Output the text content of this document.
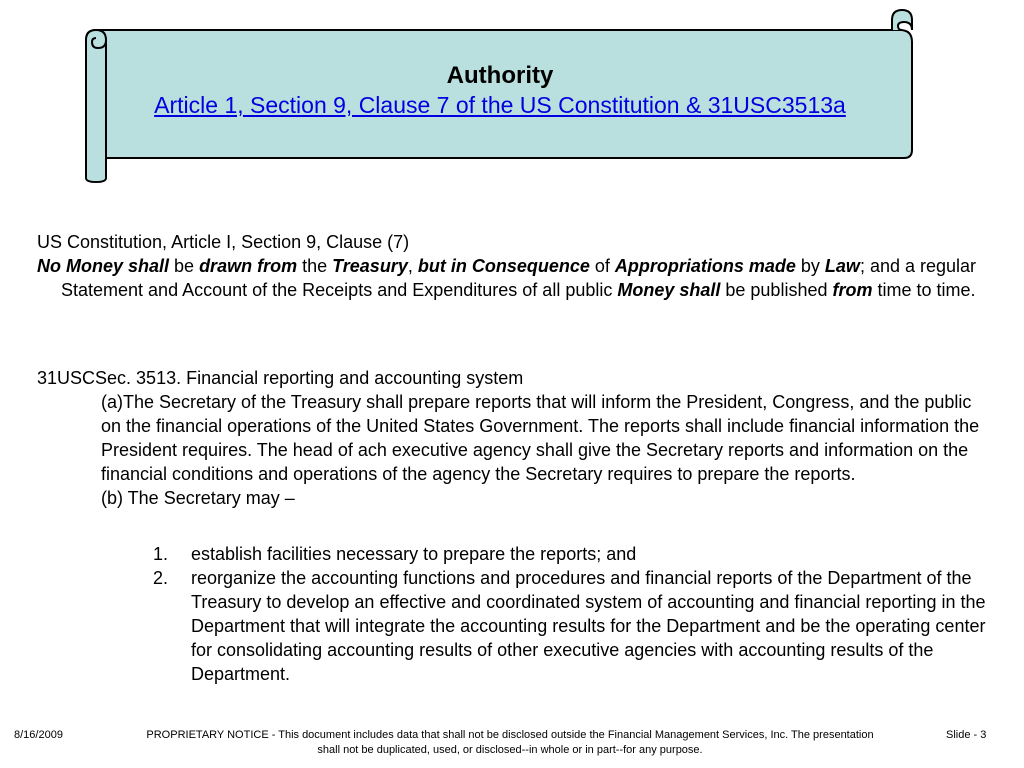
Authority
Article 1, Section 9, Clause 7 of the US Constitution & 31USC3513a
US Constitution, Article I, Section 9, Clause (7)
No Money shall be drawn from the Treasury, but in Consequence of Appropriations made by Law; and a regular Statement and Account of the Receipts and Expenditures of all public Money shall be published from time to time.
31USCSec. 3513. Financial reporting and accounting system
(a)The Secretary of the Treasury shall prepare reports that will inform the President, Congress, and the public on the financial operations of the United States Government. The reports shall include financial information the President requires. The head of ach executive agency shall give the Secretary reports and information on the financial conditions and operations of the agency the Secretary requires to prepare the reports.
(b) The Secretary may –
1.	establish facilities necessary to prepare the reports; and
2.	reorganize the accounting functions and procedures and financial reports of the Department of the Treasury to develop an effective and coordinated system of accounting and financial reporting in the Department that will integrate the accounting results for the Department and be the operating center for consolidating accounting results of other executive agencies with accounting results of the Department.
8/16/2009	PROPRIETARY NOTICE - This document includes data that shall not be disclosed outside the Financial Management Services, Inc. The presentation shall not be duplicated, used, or disclosed--in whole or in part--for any purpose.
Slide - 3
